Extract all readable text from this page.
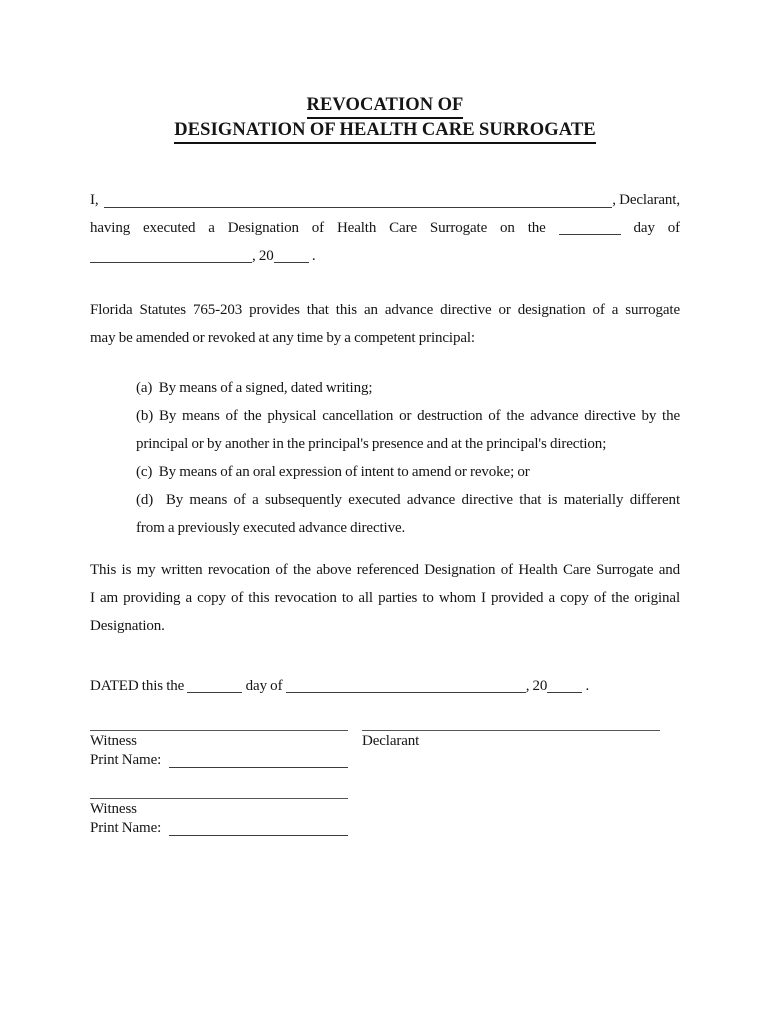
REVOCATION OF
DESIGNATION OF HEALTH CARE SURROGATE
I,	, Declarant,
having executed a Designation of Health Care Surrogate on the	day of
, 20	.
Florida Statutes 765-203 provides that this an advance directive or designation of a surrogate
may be amended or revoked at any time by a competent principal:
(a)  By means of a signed, dated writing;
(b) By means of the physical cancellation or destruction of the advance directive by the
principal or by another in the principal's presence and at the principal's direction;
(c)  By means of an oral expression of intent to amend or revoke; or
(d)  By means of a subsequently executed advance directive that is materially different
from a previously executed advance directive.
This is my written revocation of the above referenced Designation of Health Care Surrogate and
I am providing a copy of this revocation to all parties to whom I provided a copy of the original
Designation.
DATED this the	day of	, 20	.
Witness
Print Name:
Declarant
Witness
Print Name:
